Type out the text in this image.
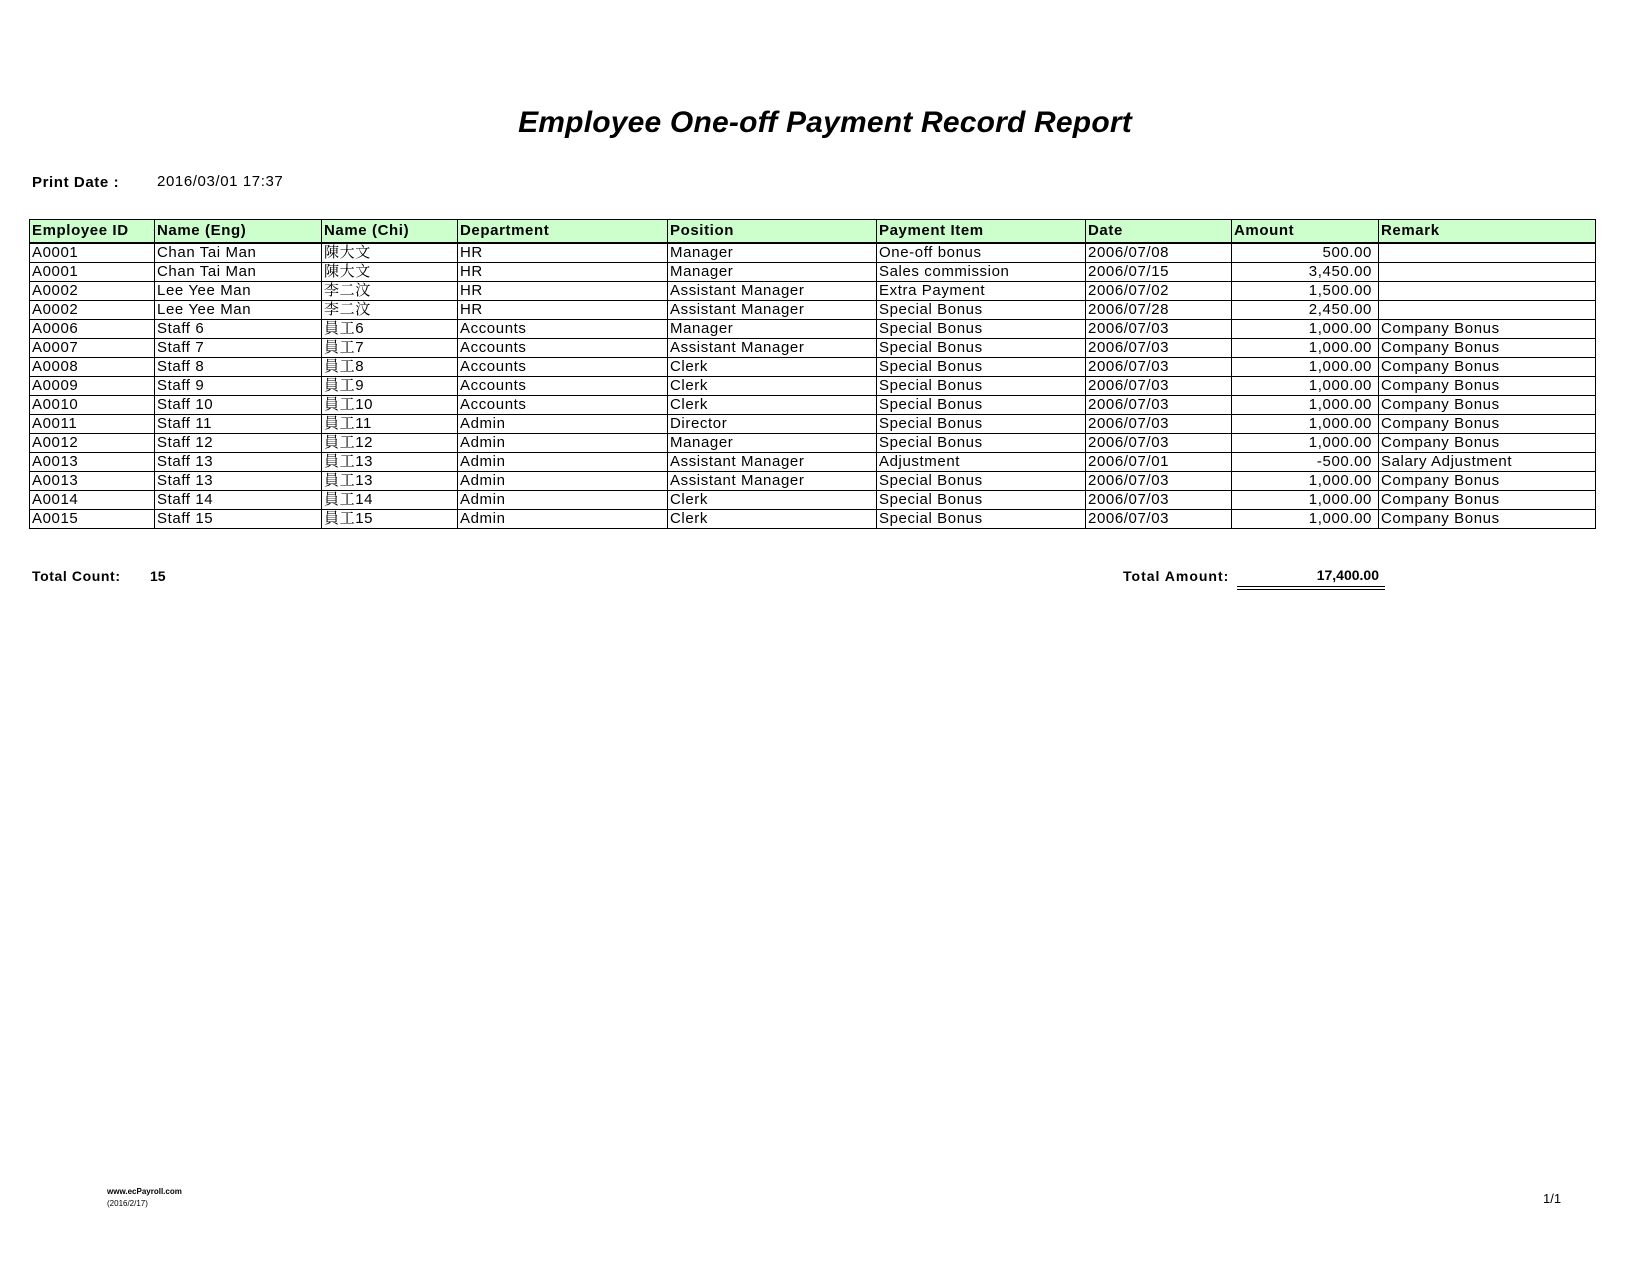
Employee One-off Payment Record Report
Print Date :	2016/03/01 17:37
Employee ID	Name (Eng)	Name (Chi)	Department	Position	Payment Item	Date	Amount	Remark
A0001	Chan Tai Man	陳大文	HR	Manager	One-off bonus	2006/07/08	500.00	
A0001	Chan Tai Man	陳大文	HR	Manager	Sales commission	2006/07/15	3,450.00	
A0002	Lee Yee Man	李二汶	HR	Assistant Manager	Extra Payment	2006/07/02	1,500.00	
A0002	Lee Yee Man	李二汶	HR	Assistant Manager	Special Bonus	2006/07/28	2,450.00	
A0006	Staff 6	員工6	Accounts	Manager	Special Bonus	2006/07/03	1,000.00	Company Bonus
A0007	Staff 7	員工7	Accounts	Assistant Manager	Special Bonus	2006/07/03	1,000.00	Company Bonus
A0008	Staff 8	員工8	Accounts	Clerk	Special Bonus	2006/07/03	1,000.00	Company Bonus
A0009	Staff 9	員工9	Accounts	Clerk	Special Bonus	2006/07/03	1,000.00	Company Bonus
A0010	Staff 10	員工10	Accounts	Clerk	Special Bonus	2006/07/03	1,000.00	Company Bonus
A0011	Staff 11	員工11	Admin	Director	Special Bonus	2006/07/03	1,000.00	Company Bonus
A0012	Staff 12	員工12	Admin	Manager	Special Bonus	2006/07/03	1,000.00	Company Bonus
A0013	Staff 13	員工13	Admin	Assistant Manager	Adjustment	2006/07/01	-500.00	Salary Adjustment
A0013	Staff 13	員工13	Admin	Assistant Manager	Special Bonus	2006/07/03	1,000.00	Company Bonus
A0014	Staff 14	員工14	Admin	Clerk	Special Bonus	2006/07/03	1,000.00	Company Bonus
A0015	Staff 15	員工15	Admin	Clerk	Special Bonus	2006/07/03	1,000.00	Company Bonus
Total Count: 15	Total Amount:	17,400.00
www.ecPayroll.com
(2016/2/17)	1/1
